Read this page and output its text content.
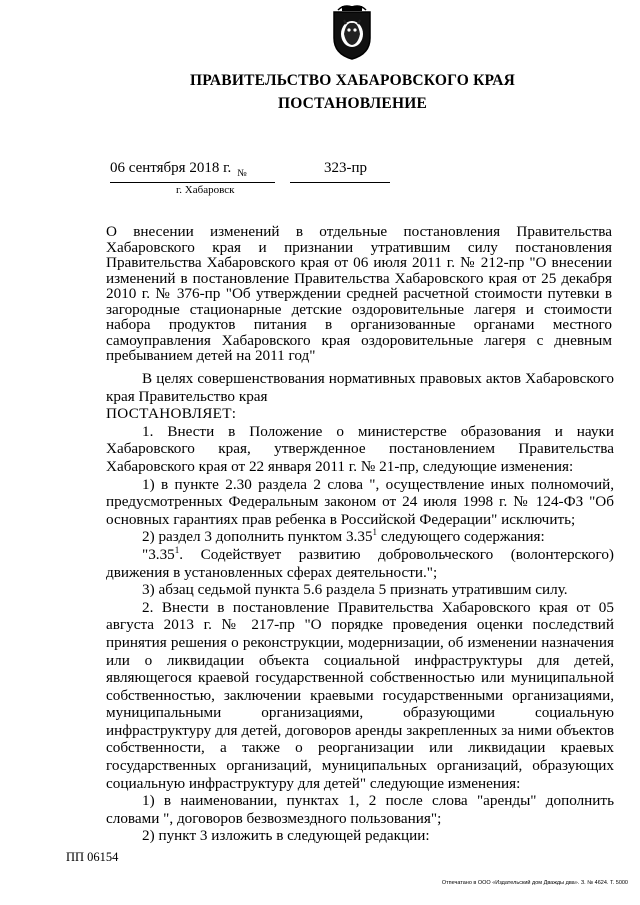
ПРАВИТЕЛЬСТВО ХАБАРОВСКОГО КРАЯ
ПОСТАНОВЛЕНИЕ
06 сентября 2018 г. $_№$	323-пр
г. Хабаровск
О внесении изменений в отдельные постановления Правительства Хабаровского края и признании утратившим силу постановления Правительства Хабаровского края от 06 июля 2011 г. № 212-пр "О внесении изменений в постановление Правительства Хабаровского края от 25 декабря 2010 г. № 376-пр "Об утверждении средней расчетной стоимости путевки в загородные стационарные детские оздоровительные лагеря и стоимости набора продуктов питания в организованные органами местного самоуправления Хабаровского края оздоровительные лагеря с дневным пребыванием детей на 2011 год"

В целях совершенствования нормативных правовых актов Хабаровского края Правительство края

ПОСТАНОВЛЯЕТ:

1. Внести в Положение о министерстве образования и науки Хабаровского края, утвержденное постановлением Правительства Хабаровского края от 22 января 2011 г. № 21-пр, следующие изменения:

1) в пункте 2.30 раздела 2 слова ", осуществление иных полномочий, предусмотренных Федеральным законом от 24 июля 1998 г. № 124-ФЗ "Об основных гарантиях прав ребенка в Российской Федерации" исключить;

2) раздел 3 дополнить пунктом 3.35$^1$ следующего содержания:

"3.35$^1$. Содействует развитию добровольческого (волонтерского) движения в установленных сферах деятельности.";

3) абзац седьмой пункта 5.6 раздела 5 признать утратившим силу.

2. Внести в постановление Правительства Хабаровского края от 05 августа 2013 г. № 217-пр "О порядке проведения оценки последствий принятия решения о реконструкции, модернизации, об изменении назначения или о ликвидации объекта социальной инфраструктуры для детей, являющегося краевой государственной собственностью или муниципальной собственностью, заключении краевыми государственными организациями, муниципальными организациями, образующими социальную инфраструктуру для детей, договоров аренды закрепленных за ними объектов собственности, а также о реорганизации или ликвидации краевых государственных организаций, муниципальных организаций, образующих социальную инфраструктуру для детей" следующие изменения:

1) в наименовании, пунктах 1, 2 после слова "аренды" дополнить словами ", договоров безвозмездного пользования";

2) пункт 3 изложить в следующей редакции:

ПП 06154
Отпечатано в ООО «Издательский дом Дважды два». З. № 4624. Т. 5000
